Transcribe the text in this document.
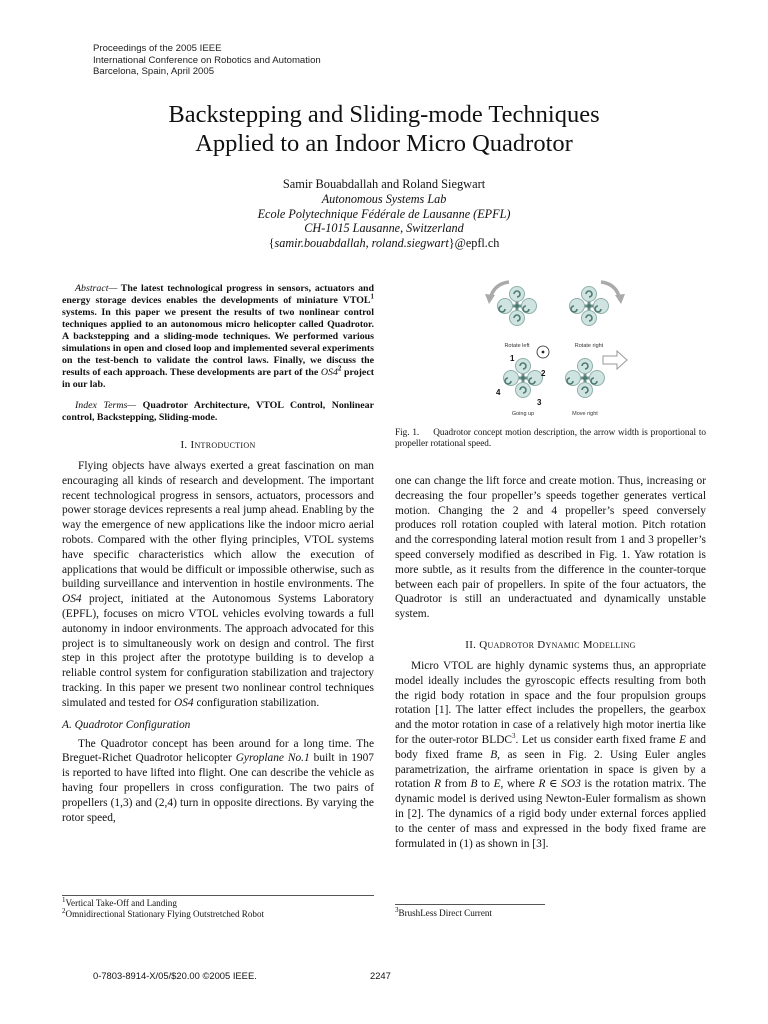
Proceedings of the 2005 IEEE
International Conference on Robotics and Automation
Barcelona, Spain, April 2005
Backstepping and Sliding-mode Techniques
Applied to an Indoor Micro Quadrotor
Samir Bouabdallah and Roland Siegwart
Autonomous Systems Lab
Ecole Polytechnique Fédérale de Lausanne (EPFL)
CH-1015 Lausanne, Switzerland
{samir.bouabdallah, roland.siegwart}@epfl.ch

Abstract— The latest technological progress in sensors, actuators and energy storage devices enables the developments of miniature VTOL$^1$ systems. In this paper we present the results of two nonlinear control techniques applied to an autonomous micro helicopter called Quadrotor. A backstepping and a sliding-mode techniques. We performed various simulations in open and closed loop and implemented several experiments on the test-bench to validate the control laws. Finally, we discuss the results of each approach. These developments are part of the $OS4^2$ project in our lab.

Index Terms— Quadrotor Architecture, VTOL Control, Nonlinear control, Backstepping, Sliding-mode.

I. Introduction

Flying objects have always exerted a great fascination on man encouraging all kinds of research and development. The important recent technological progress in sensors, actuators, processors and power storage devices represents a real jump ahead. Enabling by the way the emergence of new applications like the indoor micro aerial robots. Compared with the other flying principles, VTOL systems have specific characteristics which allow the execution of applications that would be difficult or impossible otherwise, such as building surveillance and intervention in hostile environments. The OS4 project, initiated at the Autonomous Systems Laboratory (EPFL), focuses on micro VTOL vehicles evolving towards a full autonomy in indoor environments. The approach advocated for this project is to simultaneously work on design and control. The first step in this project after the prototype building is to develop a reliable control system for configuration stabilization and trajectory tracking. In this paper we present two nonlinear control techniques simulated and tested for OS4 configuration stabilization.

A. Quadrotor Configuration

The Quadrotor concept has been around for a long time. The Breguet-Richet Quadrotor helicopter Gyroplane No.1 built in 1907 is reported to have lifted into flight. One can describe the vehicle as having four propellers in cross configuration. The two pairs of propellers (1,3) and (2,4) turn in opposite directions. By varying the rotor speed,

Rotate left	Rotate right
Going up	Move right
1
2
3
4
Fig. 1. Quadrotor concept motion description, the arrow width is proportional to propeller rotational speed.

one can change the lift force and create motion. Thus, increasing or decreasing the four propeller’s speeds together generates vertical motion. Changing the 2 and 4 propeller’s speed conversely produces roll rotation coupled with lateral motion. Pitch rotation and the corresponding lateral motion result from 1 and 3 propeller’s speed conversely modified as described in Fig. 1. Yaw rotation is more subtle, as it results from the difference in the counter-torque between each pair of propellers. In spite of the four actuators, the Quadrotor is still an underactuated and dynamically unstable system.

II. Quadrotor Dynamic Modelling

Micro VTOL are highly dynamic systems thus, an appropriate model ideally includes the gyroscopic effects resulting from both the rigid body rotation in space and the four propulsion groups rotation [1]. The latter effect includes the propellers, the gearbox and the motor rotation in case of a relatively high motor inertia like for the outer-rotor BLDC$^3$. Let us consider earth fixed frame E and body fixed frame B, as seen in Fig. 2. Using Euler angles parametrization, the airframe orientation in space is given by a rotation R from B to E, where R ∈ SO3 is the rotation matrix. The dynamic model is derived using Newton-Euler formalism as shown in [2]. The dynamics of a rigid body under external forces applied to the center of mass and expressed in the body fixed frame are formulated in (1) as shown in [3].

$^1$Vertical Take-Off and Landing
$^2$Omnidirectional Stationary Flying Outstretched Robot	$^3$BrushLess Direct Current
0-7803-8914-X/05/$20.00 ©2005 IEEE.	2247
